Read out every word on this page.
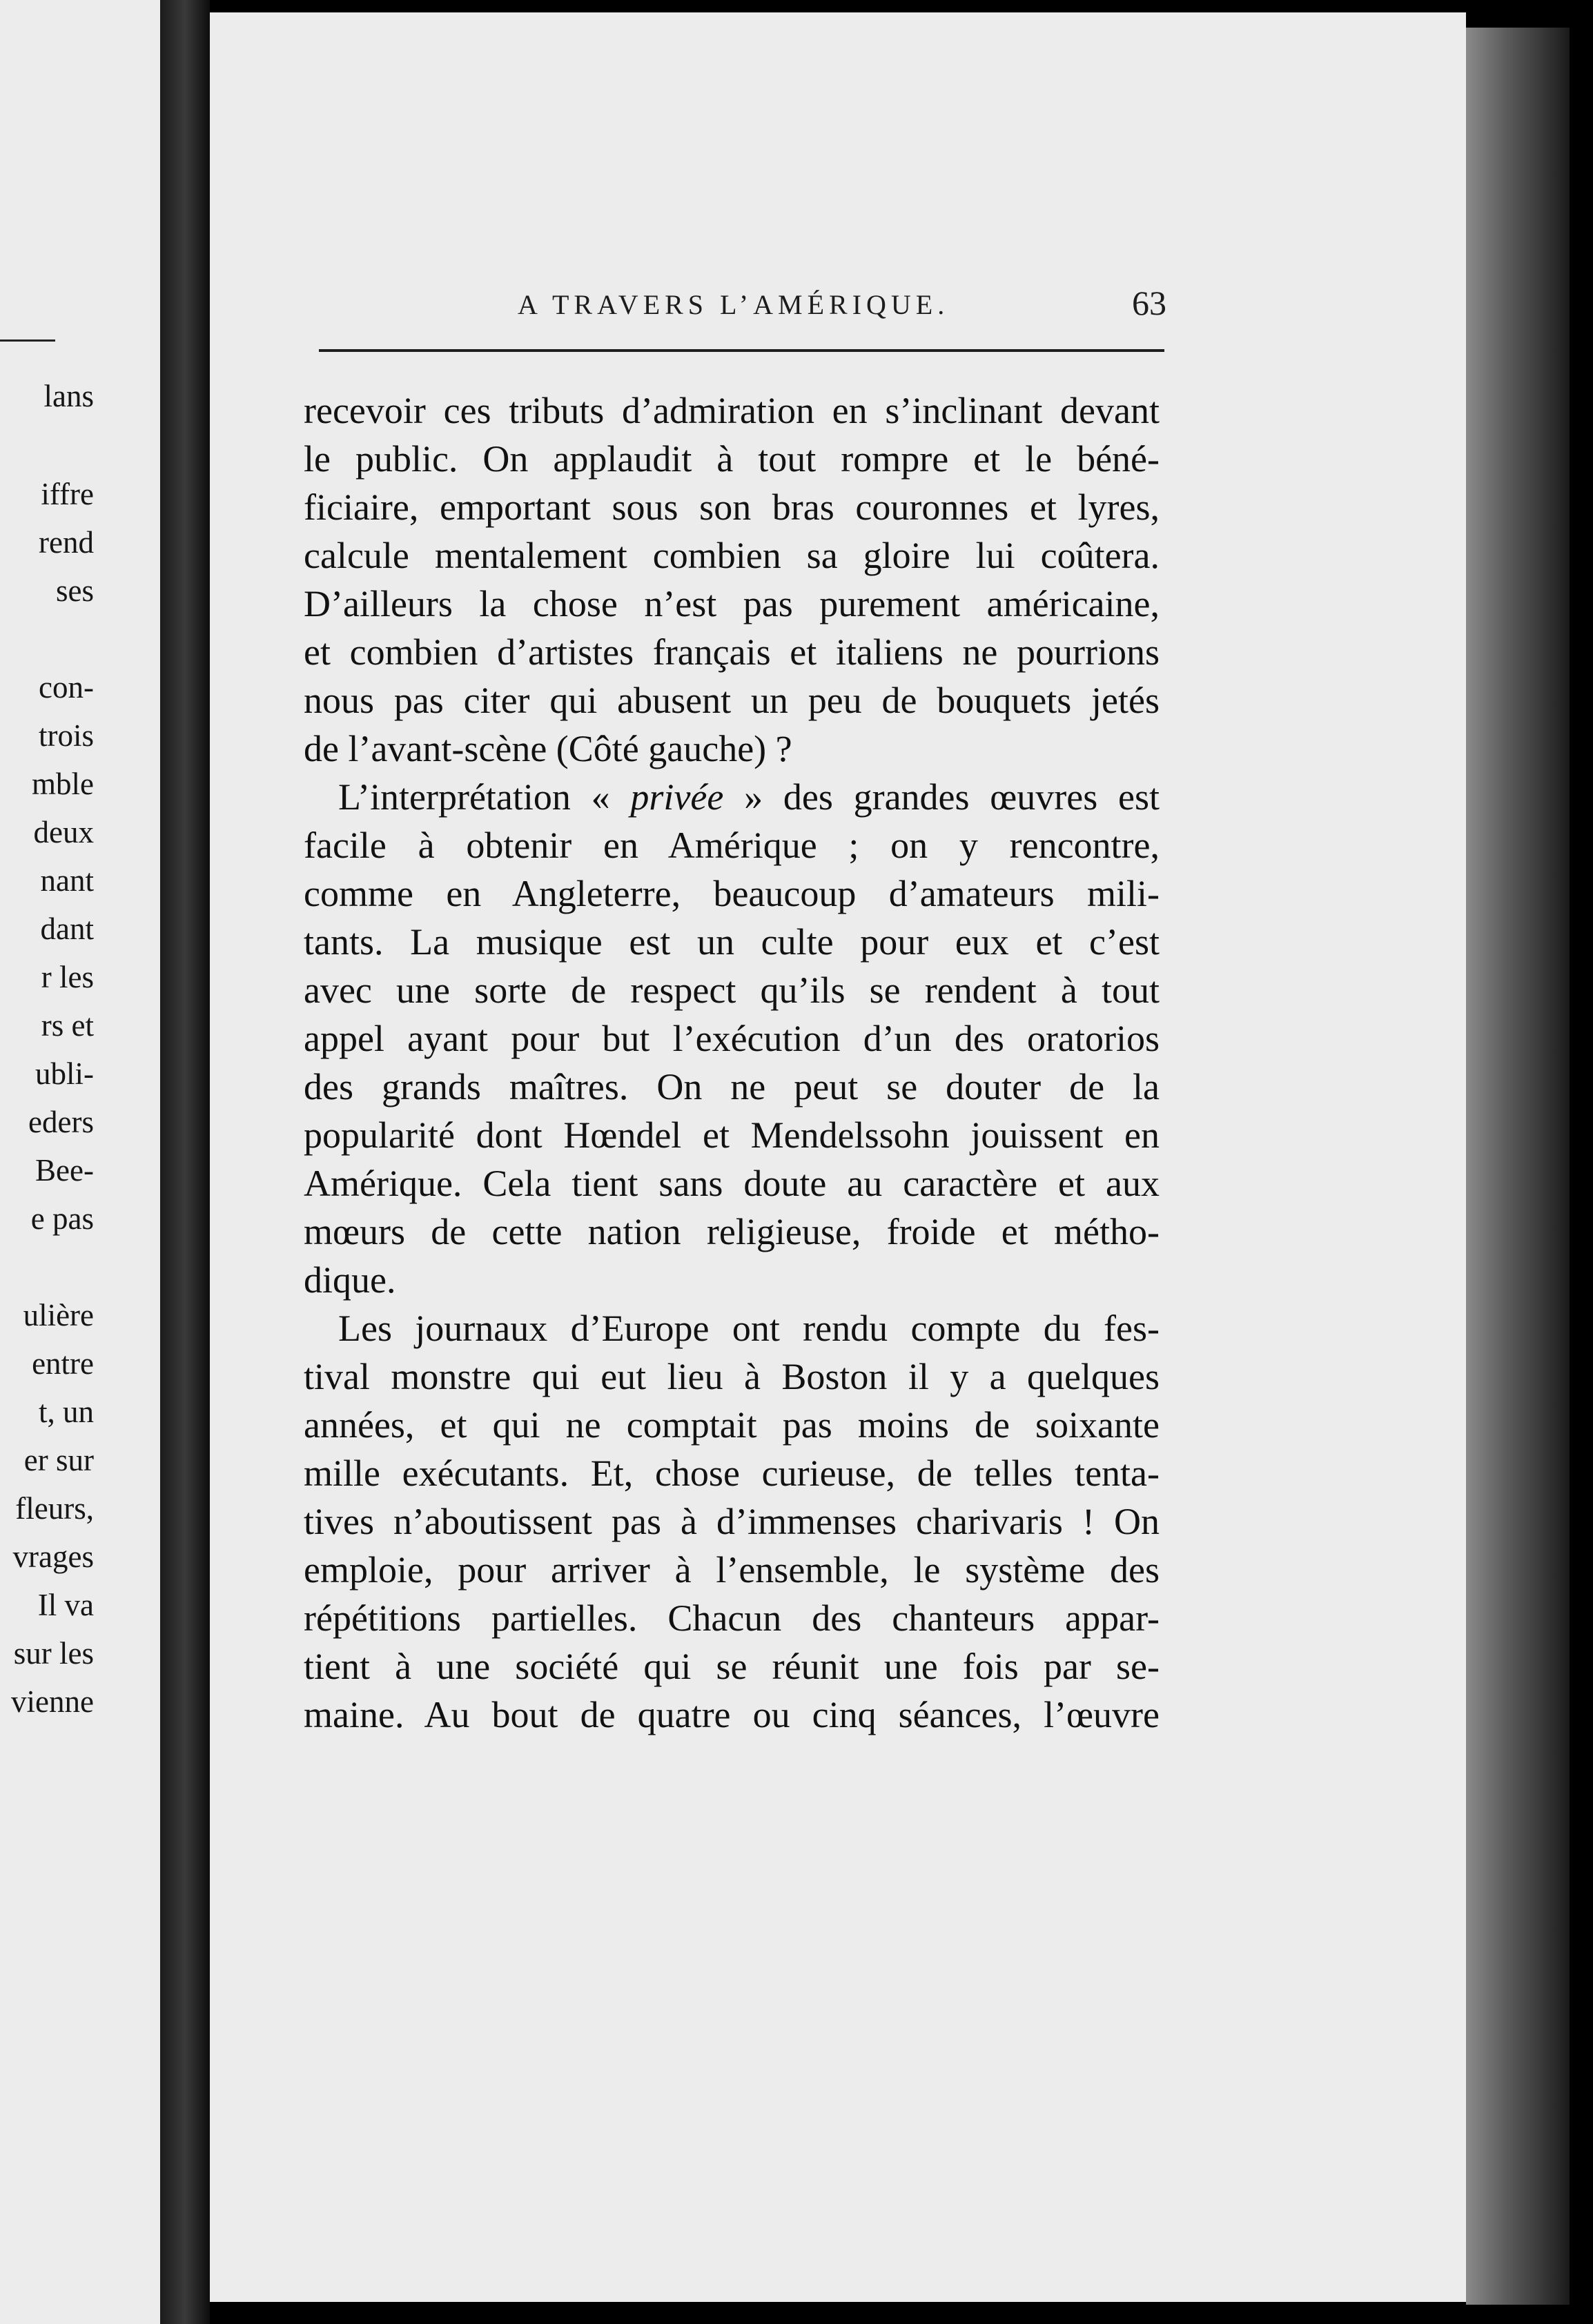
lans
iffre
rend
ses
con-
trois
mble
deux
nant
dant
r les
rs et
ubli-
eders
Bee-
e pas
ulière
entre
t, un
er sur
fleurs,
vrages
Il va
sur les
vienne
A TRAVERS L’AMÉRIQUE.	63
recevoir ces tributs d’admiration en s’inclinant devant
le public. On applaudit à tout rompre et le béné-
ficiaire, emportant sous son bras couronnes et lyres,
calcule mentalement combien sa gloire lui coûtera.
D’ailleurs la chose n’est pas purement américaine,
et combien d’artistes français et italiens ne pourrions
nous pas citer qui abusent un peu de bouquets jetés
de l’avant-scène (Côté gauche) ?
L’interprétation « privée » des grandes œuvres est
facile à obtenir en Amérique ; on y rencontre,
comme en Angleterre, beaucoup d’amateurs mili-
tants. La musique est un culte pour eux et c’est
avec une sorte de respect qu’ils se rendent à tout
appel ayant pour but l’exécution d’un des oratorios
des grands maîtres. On ne peut se douter de la
popularité dont Hœndel et Mendelssohn jouissent en
Amérique. Cela tient sans doute au caractère et aux
mœurs de cette nation religieuse, froide et métho-
dique.
Les journaux d’Europe ont rendu compte du fes-
tival monstre qui eut lieu à Boston il y a quelques
années, et qui ne comptait pas moins de soixante
mille exécutants. Et, chose curieuse, de telles tenta-
tives n’aboutissent pas à d’immenses charivaris ! On
emploie, pour arriver à l’ensemble, le système des
répétitions partielles. Chacun des chanteurs appar-
tient à une société qui se réunit une fois par se-
maine. Au bout de quatre ou cinq séances, l’œuvre
